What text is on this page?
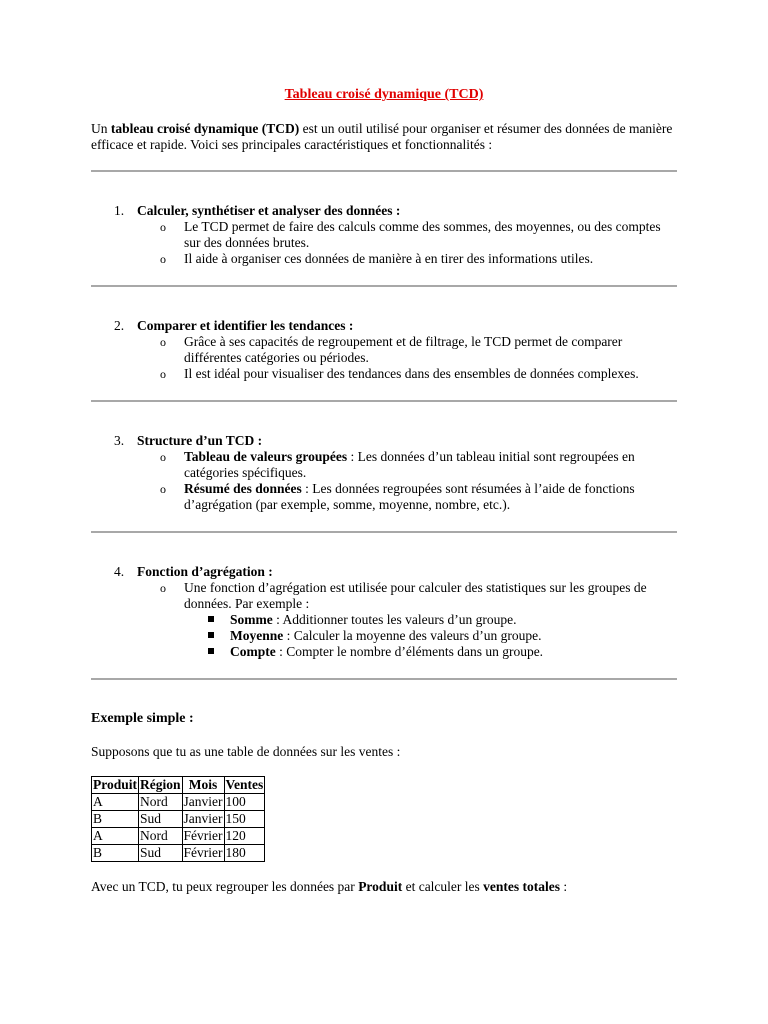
Tableau croisé dynamique (TCD)

Un tableau croisé dynamique (TCD) est un outil utilisé pour organiser et résumer des données de manière efficace et rapide. Voici ses principales caractéristiques et fonctionnalités :

1. Calculer, synthétiser et analyser des données :
o Le TCD permet de faire des calculs comme des sommes, des moyennes, ou des comptes sur des données brutes.
o Il aide à organiser ces données de manière à en tirer des informations utiles.
2. Comparer et identifier les tendances :
o Grâce à ses capacités de regroupement et de filtrage, le TCD permet de comparer différentes catégories ou périodes.
o Il est idéal pour visualiser des tendances dans des ensembles de données complexes.
3. Structure d’un TCD :
o Tableau de valeurs groupées : Les données d’un tableau initial sont regroupées en catégories spécifiques.
o Résumé des données : Les données regroupées sont résumées à l’aide de fonctions d’agrégation (par exemple, somme, moyenne, nombre, etc.).
4. Fonction d’agrégation :
o Une fonction d’agrégation est utilisée pour calculer des statistiques sur les groupes de données. Par exemple :
Somme : Additionner toutes les valeurs d’un groupe.
Moyenne : Calculer la moyenne des valeurs d’un groupe.
Compte : Compter le nombre d’éléments dans un groupe.

Exemple simple :

Supposons que tu as une table de données sur les ventes :

Produit	Région	Mois	Ventes
A	Nord	Janvier	100
B	Sud	Janvier	150
A	Nord	Février	120
B	Sud	Février	180

Avec un TCD, tu peux regrouper les données par Produit et calculer les ventes totales :
